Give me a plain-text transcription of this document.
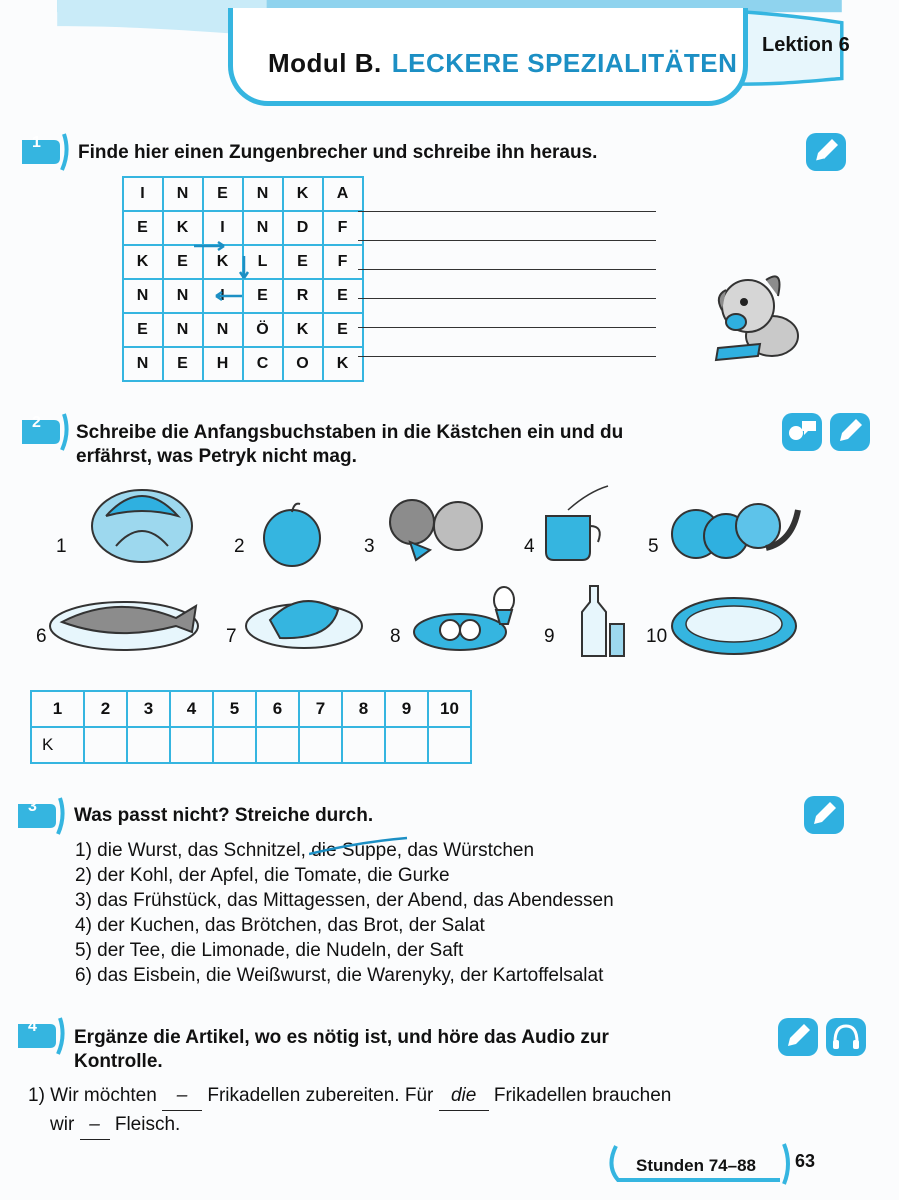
Modul B. LECKERE SPEZIALITÄTEN
Lektion 6
1 Finde hier einen Zungenbrecher und schreibe ihn heraus.
I	N	E	N	K	A
E	K	I	N	D	F
K	E	K	L	E	F
N	N	I	E	R	E
E	N	N	Ö	K	E
N	E	H	C	O	K
2 Schreibe die Anfangsbuchstaben in die Kästchen ein und du
erfährst, was Petryk nicht mag.
1	2	3	4	5
6	7	8	9	10
1	2	3	4	5	6	7	8	9	10
K									
3 Was passt nicht? Streiche durch.
1) die Wurst, das Schnitzel, die Suppe
, das Würstchen
2) der Kohl, der Apfel, die Tomate, die Gurke
3) das Frühstück, das Mittagessen, der Abend, das Abendessen
4) der Kuchen, das Brötchen, das Brot, der Salat
5) der Tee, die Limonade, die Nudeln, der Saft
6) das Eisbein, die Weißwurst, die Warenyky, der Kartoffelsalat
4
Ergänze die Artikel, wo es nötig ist, und höre das Audio zur
Kontrolle.
1) Wir möchten – Frikadellen zubereiten. Für die Frikadellen brauchen
wir – Fleisch.
Stunden 74–88 63
